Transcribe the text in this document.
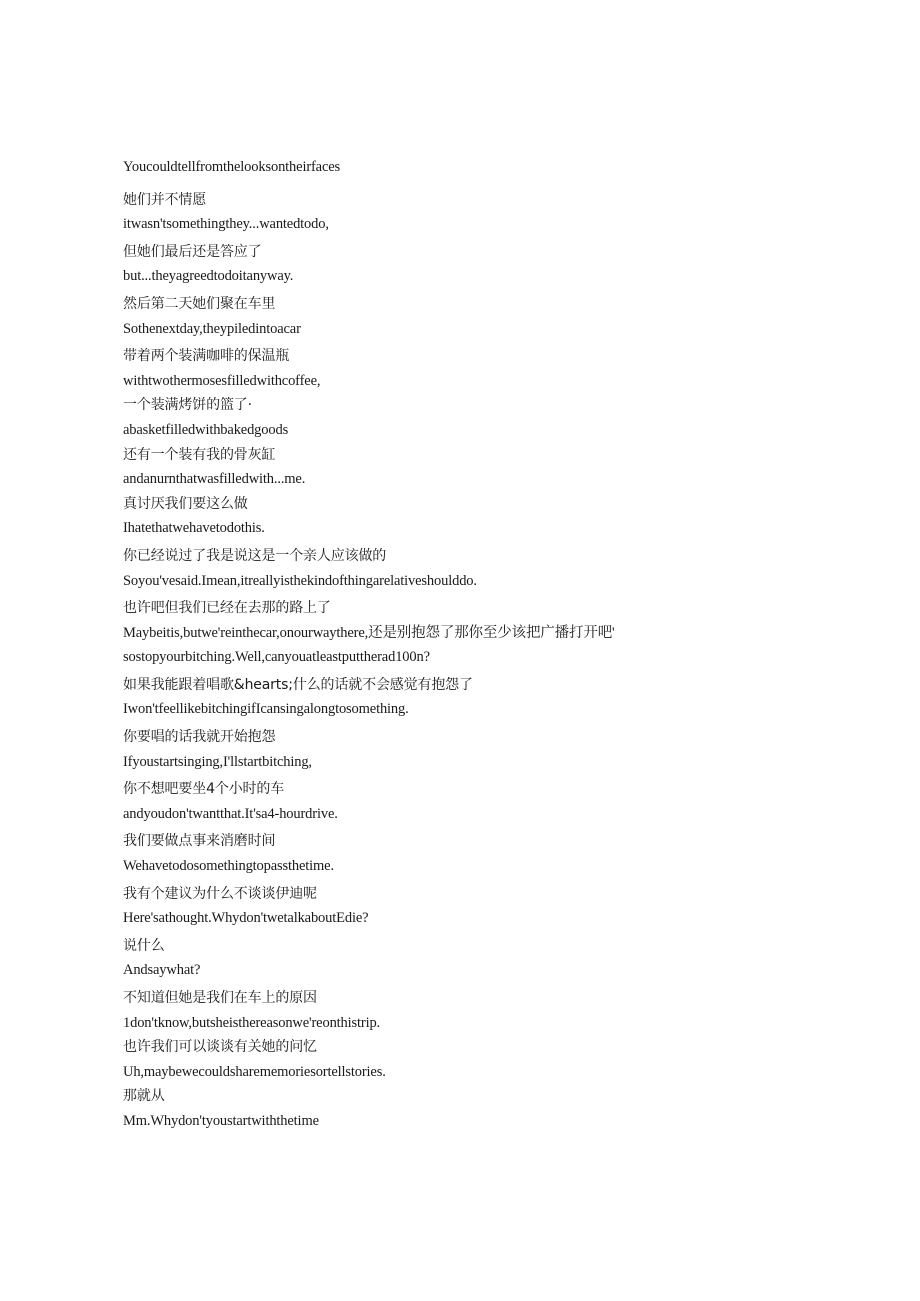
Youcouldtellfromthelooksontheirfaces
她们并不情愿
itwasn'tsomethingthey...wantedtodo,
但她们最后还是答应了
but...theyagreedtodoitanyway.
然后第二天她们聚在车里
Sothenextday,theypiledintoacar
带着两个装满咖啡的保温瓶
withtwothermosesfilledwithcoffee,
一个装满烤饼的篮了·
abasketfilledwithbakedgoods
还有一个装有我的骨灰缸
andanurnthatwasfilledwith...me.
真讨厌我们要这么做
Ihatethatwehavetodothis.
你已经说过了我是说这是一个亲人应该做的
Soyou'vesaid.Imean,itreallyisthekindofthingarelativeshoulddo.
也许吧但我们已经在去那的路上了
Maybeitis,butwe'reinthecar,onourwaythere,还是别抱怨了那你至少该把广播打开吧'
sostopyourbitching.Well,canyouatleastputtherad100n?
如果我能跟着唱歌&hearts;什么的话就不会感觉有抱怨了
Iwon'tfeellikebitchingifIcansingalongtosomething.
你要唱的话我就开始抱怨
Ifyoustartsinging,I'llstartbitching,
你不想吧要坐4个小时的车
andyoudon'twantthat.It'sa4-hourdrive.
我们要做点事来消磨时间
Wehavetodosomethingtopassthetime.
我有个建议为什么不谈谈伊迪呢
Here'sathought.Whydon'twetalkaboutEdie?
说什么
Andsaywhat?
不知道但她是我们在车上的原因
1don'tknow,butsheisthereasonwe'reonthistrip.
也许我们可以谈谈有关她的问忆
Uh,maybewecouldsharememoriesortellstories.
那就从
Mm.Whydon'tyoustartwiththetime
